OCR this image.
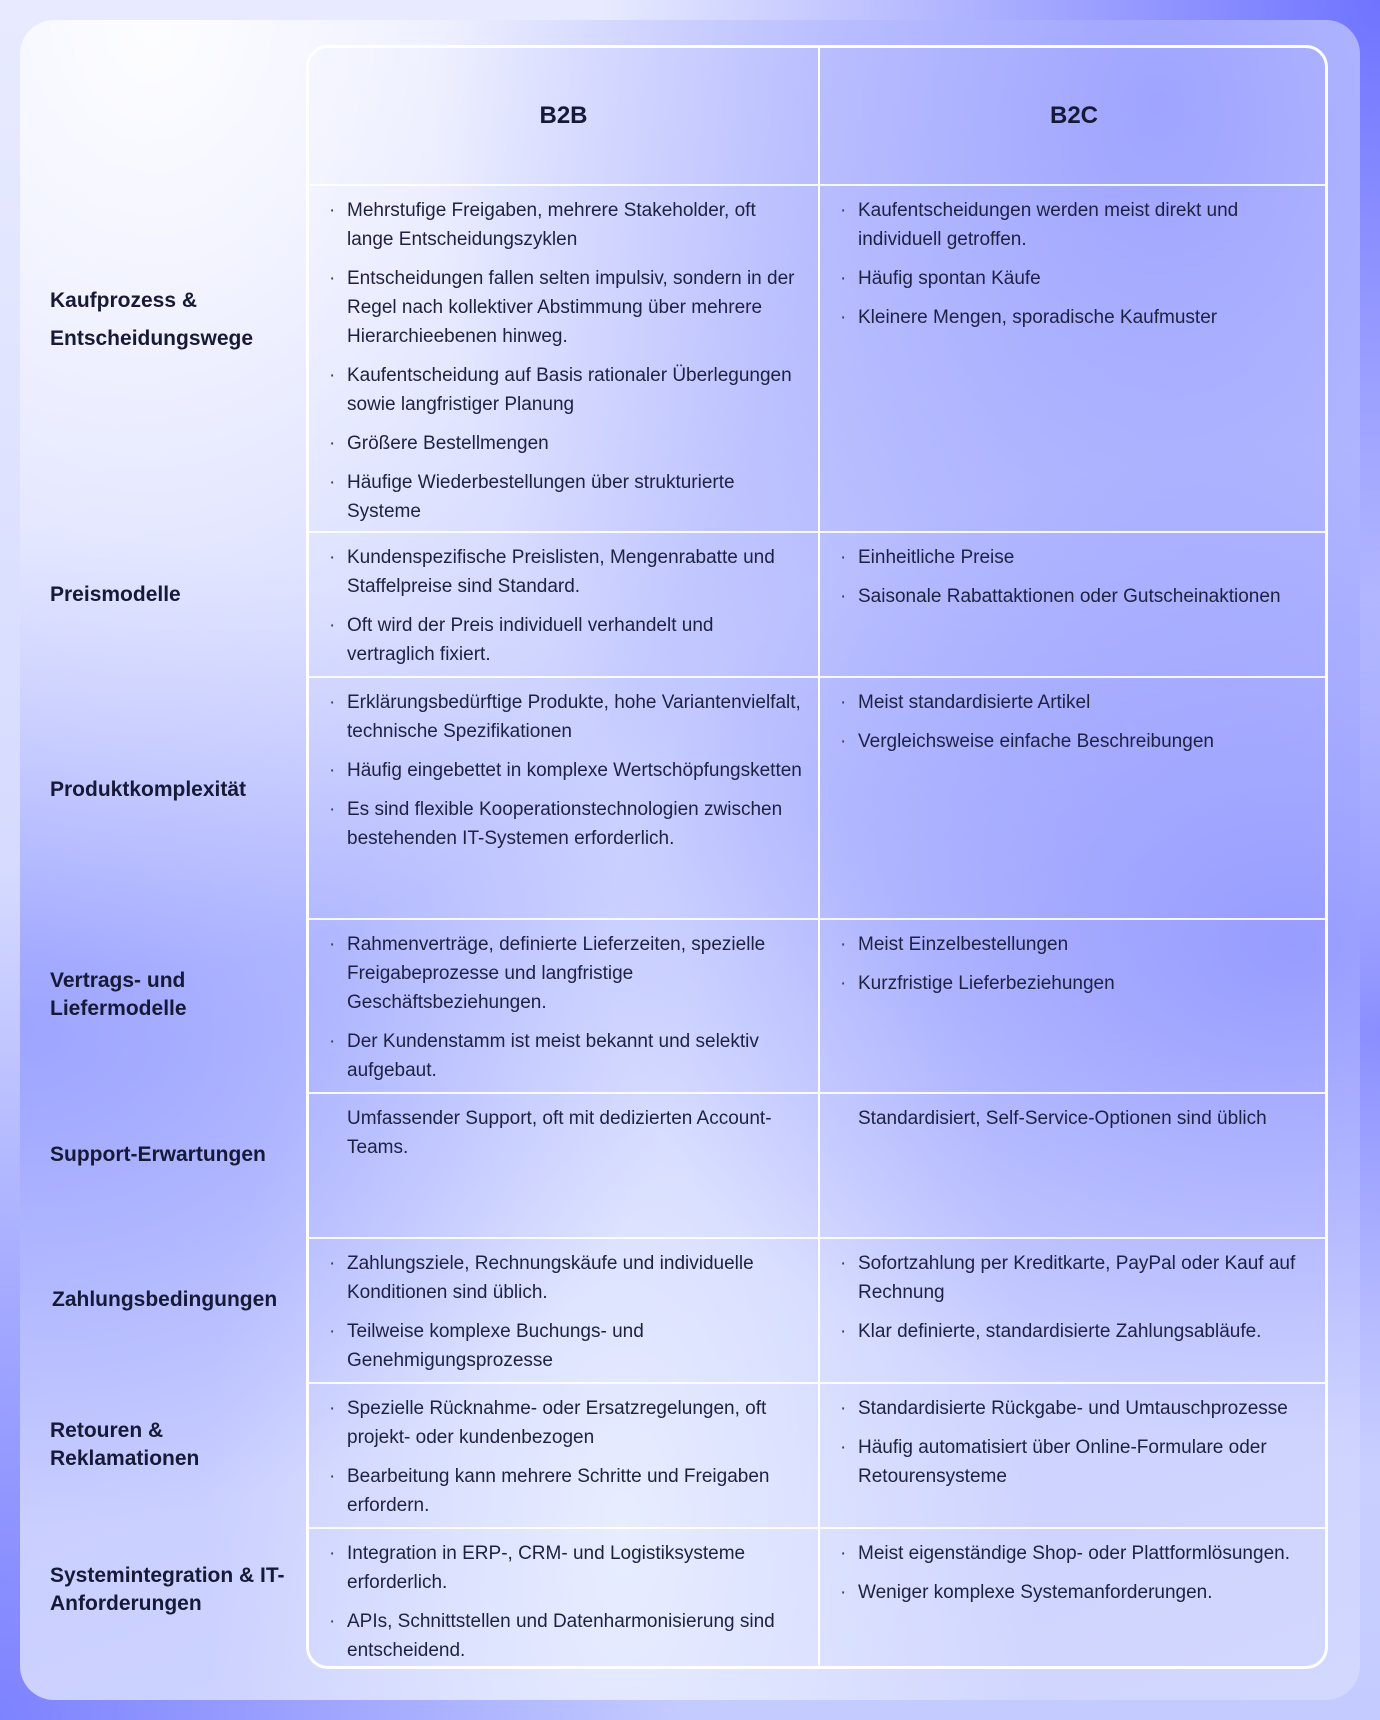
Kaufprozess & Entscheidungswege
Preismodelle
Produktkomplexität
Vertrags- und Liefermodelle
Support-Erwartungen
Zahlungsbedingungen
Retouren & Reklamationen
Systemintegration & IT-Anforderungen
B2B	B2C
· Mehrstufige Freigaben, mehrere Stakeholder, oft lange Entscheidungszyklen
· Entscheidungen fallen selten impulsiv, sondern in der Regel nach kollektiver Abstimmung über mehrere Hierarchieebenen hinweg.
· Kaufentscheidung auf Basis rationaler Überlegungen sowie langfristiger Planung
· Größere Bestellmengen
· Häufige Wiederbestellungen über strukturierte Systeme
· Kaufentscheidungen werden meist direkt und individuell getroffen.
· Häufig spontan Käufe
· Kleinere Mengen, sporadische Kaufmuster
· Kundenspezifische Preislisten, Mengenrabatte und Staffelpreise sind Standard.
· Oft wird der Preis individuell verhandelt und vertraglich fixiert.
· Einheitliche Preise
· Saisonale Rabattaktionen oder Gutscheinaktionen
· Erklärungsbedürftige Produkte, hohe Variantenvielfalt, technische Spezifikationen
· Häufig eingebettet in komplexe Wertschöpfungsketten
· Es sind flexible Kooperationstechnologien zwischen bestehenden IT-Systemen erforderlich.
· Meist standardisierte Artikel
· Vergleichsweise einfache Beschreibungen
· Rahmenverträge, definierte Lieferzeiten, spezielle Freigabeprozesse und langfristige Geschäftsbeziehungen.
· Der Kundenstamm ist meist bekannt und selektiv aufgebaut.
· Meist Einzelbestellungen
· Kurzfristige Lieferbeziehungen

Umfassender Support, oft mit dedizierten Account-Teams.

Standardisiert, Self-Service-Optionen sind üblich

· Zahlungsziele, Rechnungskäufe und individuelle Konditionen sind üblich.
· Teilweise komplexe Buchungs- und Genehmigungsprozesse
· Sofortzahlung per Kreditkarte, PayPal oder Kauf auf Rechnung
· Klar definierte, standardisierte Zahlungsabläufe.
· Spezielle Rücknahme- oder Ersatzregelungen, oft projekt- oder kundenbezogen
· Bearbeitung kann mehrere Schritte und Freigaben erfordern.
· Standardisierte Rückgabe- und Umtauschprozesse
· Häufig automatisiert über Online-Formulare oder Retourensysteme
· Integration in ERP-, CRM- und Logistiksysteme erforderlich.
· APIs, Schnittstellen und Datenharmonisierung sind entscheidend.
· Meist eigenständige Shop- oder Plattformlösungen.
· Weniger komplexe Systemanforderungen.
